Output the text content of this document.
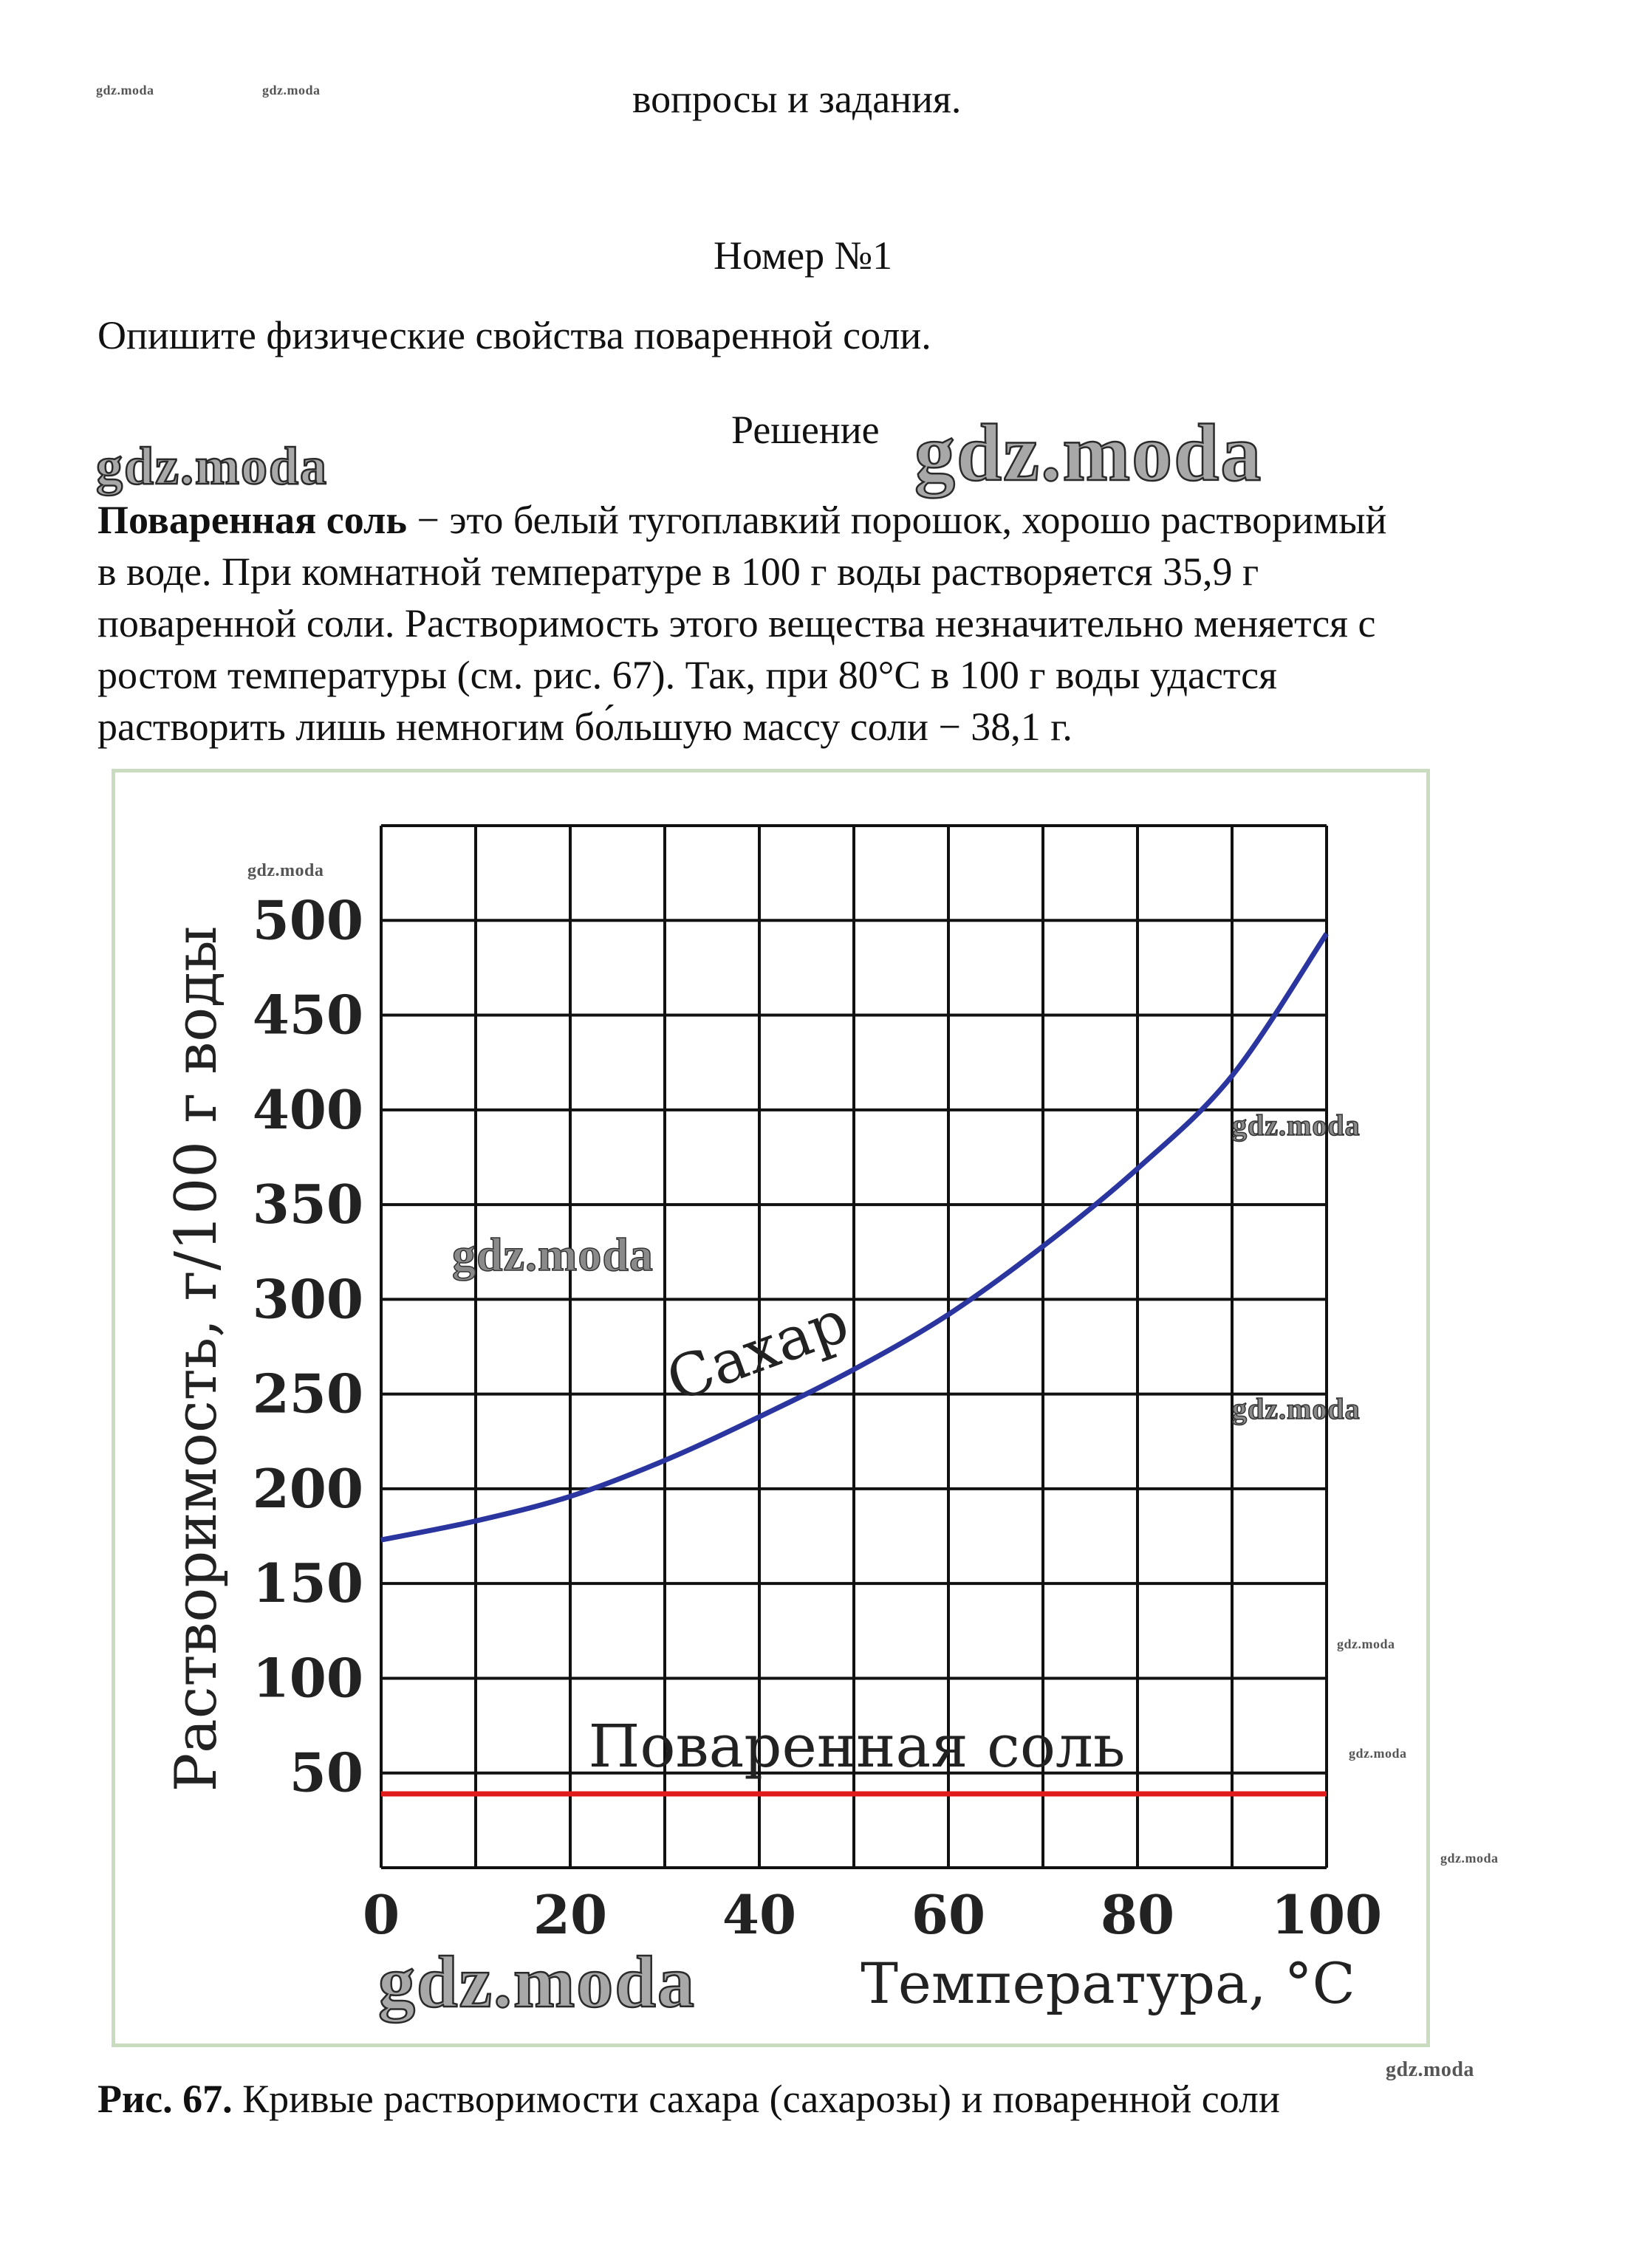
gdz.moda	gdz.moda	вопросы и задания.
Номер №1
Опишите физические свойства поваренной соли.
Решение
gdz.moda	gdz.moda
Поваренная соль − это белый тугоплавкий порошок, хорошо растворимый
в воде. При комнатной температуре в 100 г воды растворяется 35,9 г
поваренной соли. Растворимость этого вещества незначительно меняется с
ростом температуры (см. рис. 67). Так, при 80°C в 100 г воды удастся
растворить лишь немногим бо́льшую массу соли − 38,1 г.
50
100
150
200
250
300
350
400
450
500
0	20 40 60 80 100
Растворимость, г/100 г воды
Температура, °C
Сахар
Поваренная соль
gdz.moda
gdz.moda
gdz.moda
gdz.moda
gdz.moda
gdz.moda
gdz.moda
gdz.moda
gdz.moda
Рис. 67. Кривые растворимости сахара (сахарозы) и поваренной соли
